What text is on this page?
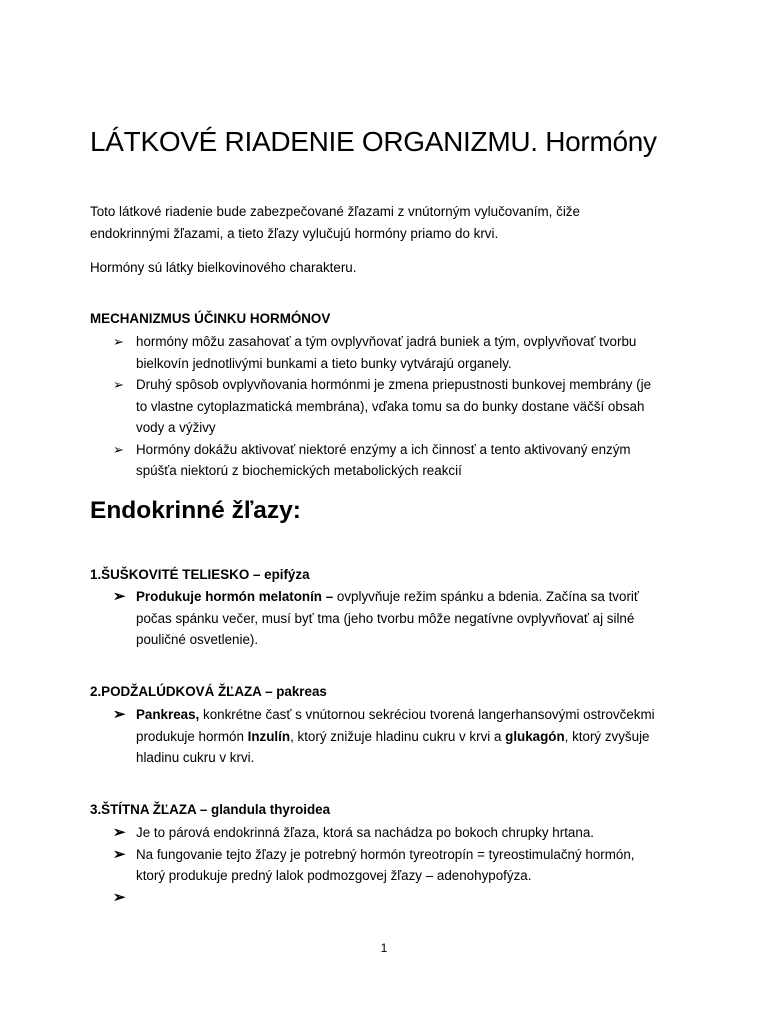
LÁTKOVÉ RIADENIE ORGANIZMU. Hormóny

Toto látkové riadenie bude zabezpečované žľazami z vnútorným vylučovaním, čiže
endokrinnými žľazami, a tieto žľazy vylučujú hormóny priamo do krvi.

Hormóny sú látky bielkovinového charakteru.

MECHANIZMUS ÚČINKU HORMÓNOV
➢ hormóny môžu zasahovať a tým ovplyvňovať jadrá buniek a tým, ovplyvňovať tvorbu
bielkovín jednotlivými bunkami a tieto bunky vytvárajú organely.
➢ Druhý spôsob ovplyvňovania hormónmi je zmena priepustnosti bunkovej membrány (je
to vlastne cytoplazmatická membrána), vďaka tomu sa do bunky dostane väčší obsah
vody a výživy
➢ Hormóny dokážu aktivovať niektoré enzýmy a ich činnosť a tento aktivovaný enzým
spúšťa niektorú z biochemických metabolických reakcií
Endokrinné žľazy:
1.ŠUŠKOVITÉ TELIESKO – epifýza
➢ Produkuje hormón melatonín – ovplyvňuje režim spánku a bdenia. Začína sa tvoriť
počas spánku večer, musí byť tma (jeho tvorbu môže negatívne ovplyvňovať aj silné
pouličné osvetlenie).
2.PODŽALÚDKOVÁ ŽĽAZA – pakreas
➢ Pankreas, konkrétne časť s vnútornou sekréciou tvorená langerhansovými ostrovčekmi
produkuje hormón Inzulín, ktorý znižuje hladinu cukru v krvi a glukagón, ktorý zvyšuje
hladinu cukru v krvi.
3.ŠTÍTNA ŽĽAZA – glandula thyroidea
➢ Je to párová endokrinná žľaza, ktorá sa nachádza po bokoch chrupky hrtana.
➢ Na fungovanie tejto žľazy je potrebný hormón tyreotropín = tyreostimulačný hormón,
ktorý produkuje predný lalok podmozgovej žľazy – adenohypofýza.
➢

1
